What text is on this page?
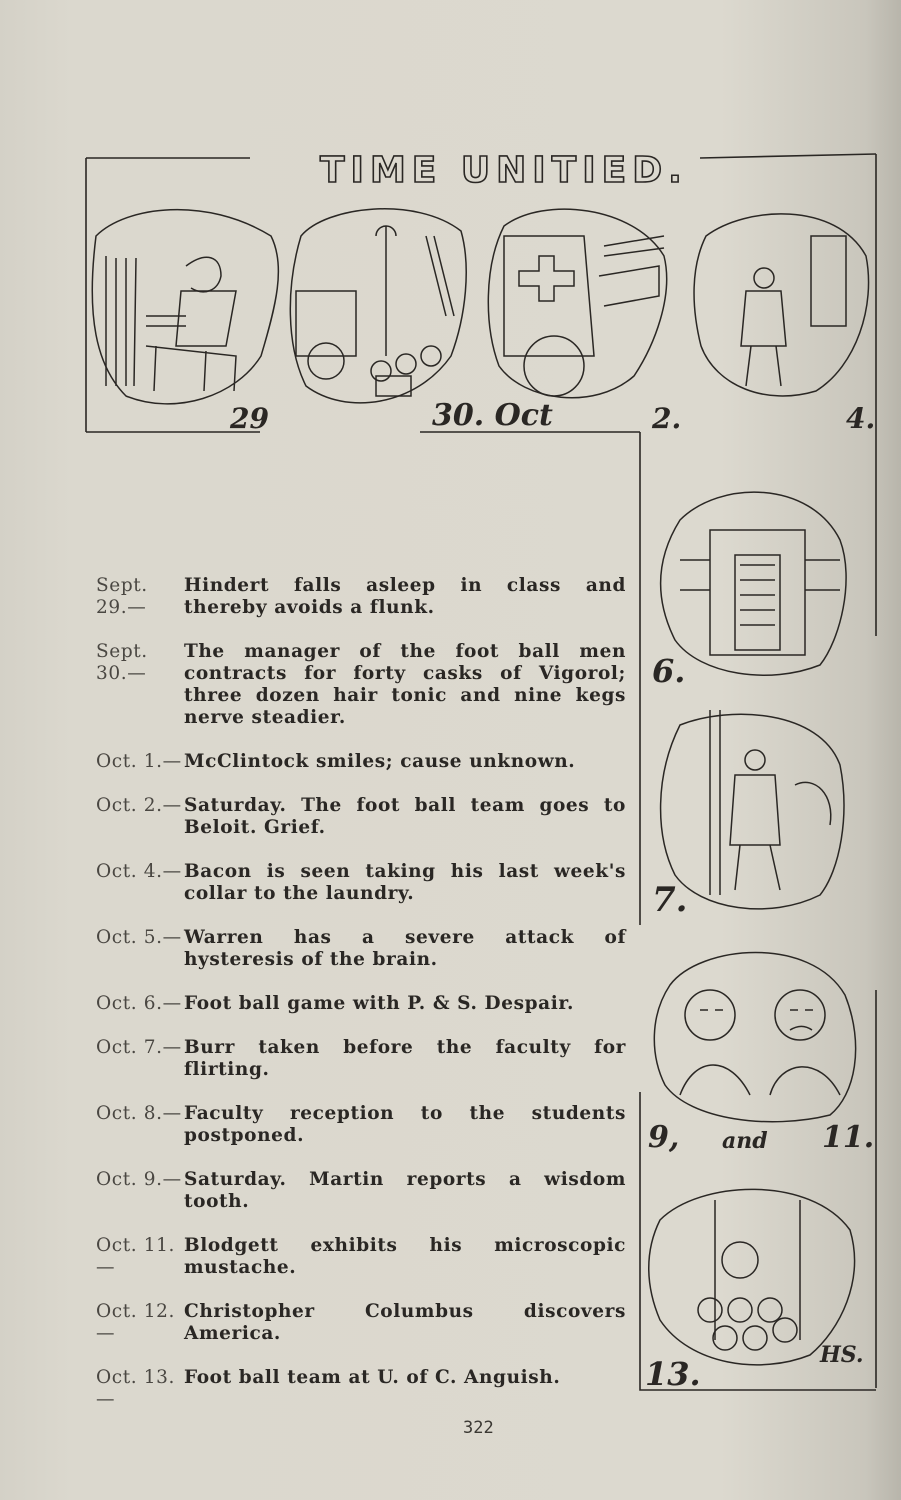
TIME UNITIED.
29	30. Oct	2.	4.
6.
7.
9, and 11.
13.	HS.
Sept. 29.—
Hindert falls asleep in class and thereby avoids a flunk.
Sept. 30.—
The manager of the foot ball men contracts for forty casks of Vigorol; three dozen hair tonic and nine kegs nerve steadier.
Oct. 1.— McClintock smiles; cause unknown.
Oct. 2.— Saturday. The foot ball team goes to Beloit. Grief.
Oct. 4.— Bacon is seen taking his last week's collar to the laundry.
Oct. 5.— Warren has a severe attack of hysteresis of the brain.
Oct. 6.— Foot ball game with P. & S. Despair.
Oct. 7.— Burr taken before the faculty for flirting.
Oct. 8.— Faculty reception to the students postponed.
Oct. 9.— Saturday. Martin reports a wisdom tooth.
Oct. 11.—
Blodgett exhibits his microscopic mustache.
Oct. 12.—
Christopher Columbus discovers America.
Oct. 13.—
Foot ball team at U. of C. Anguish.
322
